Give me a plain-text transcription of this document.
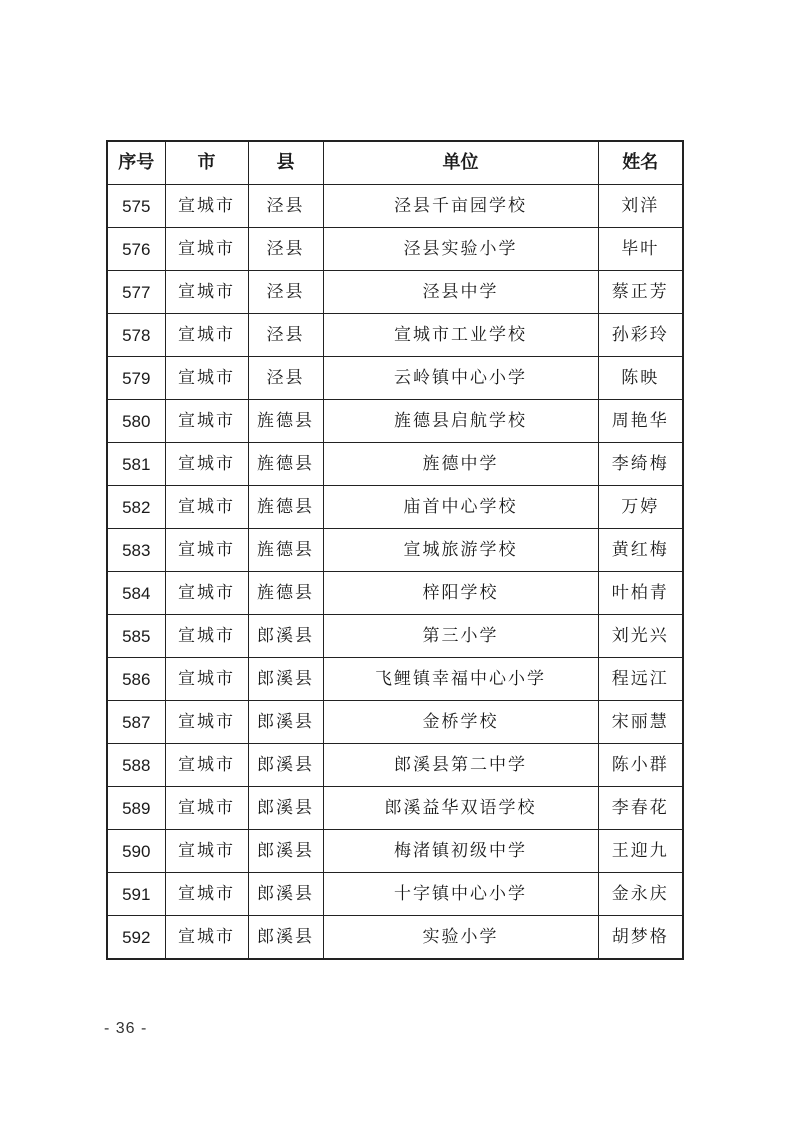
序号	市	县	单位	姓名
575	宣城市	泾县	泾县千亩园学校	刘洋
576	宣城市	泾县	泾县实验小学	毕叶
577	宣城市	泾县	泾县中学	蔡正芳
578	宣城市	泾县	宣城市工业学校	孙彩玲
579	宣城市	泾县	云岭镇中心小学	陈映
580	宣城市	旌德县	旌德县启航学校	周艳华
581	宣城市	旌德县	旌德中学	李绮梅
582	宣城市	旌德县	庙首中心学校	万婷
583	宣城市	旌德县	宣城旅游学校	黄红梅
584	宣城市	旌德县	梓阳学校	叶柏青
585	宣城市	郎溪县	第三小学	刘光兴
586	宣城市	郎溪县	飞鲤镇幸福中心小学	程远江
587	宣城市	郎溪县	金桥学校	宋丽慧
588	宣城市	郎溪县	郎溪县第二中学	陈小群
589	宣城市	郎溪县	郎溪益华双语学校	李春花
590	宣城市	郎溪县	梅渚镇初级中学	王迎九
591	宣城市	郎溪县	十字镇中心小学	金永庆
592	宣城市	郎溪县	实验小学	胡梦格
- 36 -
